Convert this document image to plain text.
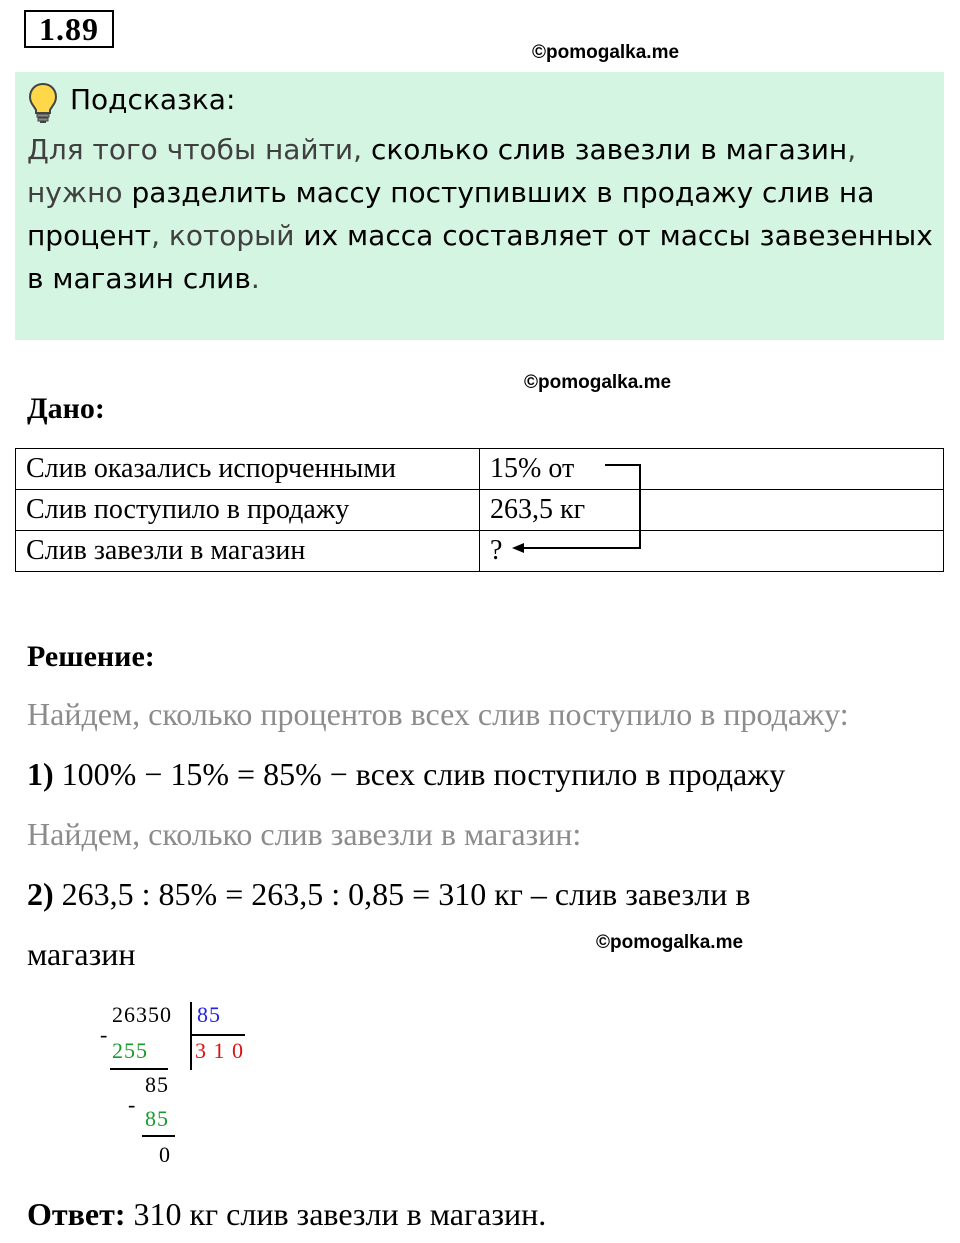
1.89
©pomogalka.me
Подсказка:
Для того чтобы найти, сколько слив завезли в магазин, нужно разделить массу поступивших в продажу слив на процент, который их масса составляет от массы завезенных в магазин слив.
©pomogalka.me
Дано:
Слив оказались испорченными	15% от
Слив поступило в продажу	263,5 кг
Слив завезли в магазин	?
Решение:
Найдем, сколько процентов всех слив поступило в продажу:
1) 100% − 15% = 85% − всех слив поступило в продажу
Найдем, сколько слив завезли в магазин:
2) 263,5 : 85% = 263,5 : 0,85 = 310 кг – слив завезли в
магазин	©pomogalka.me
26350 85
3 1 0
-
255
85
-
85
0
Ответ: 310 кг слив завезли в магазин.
